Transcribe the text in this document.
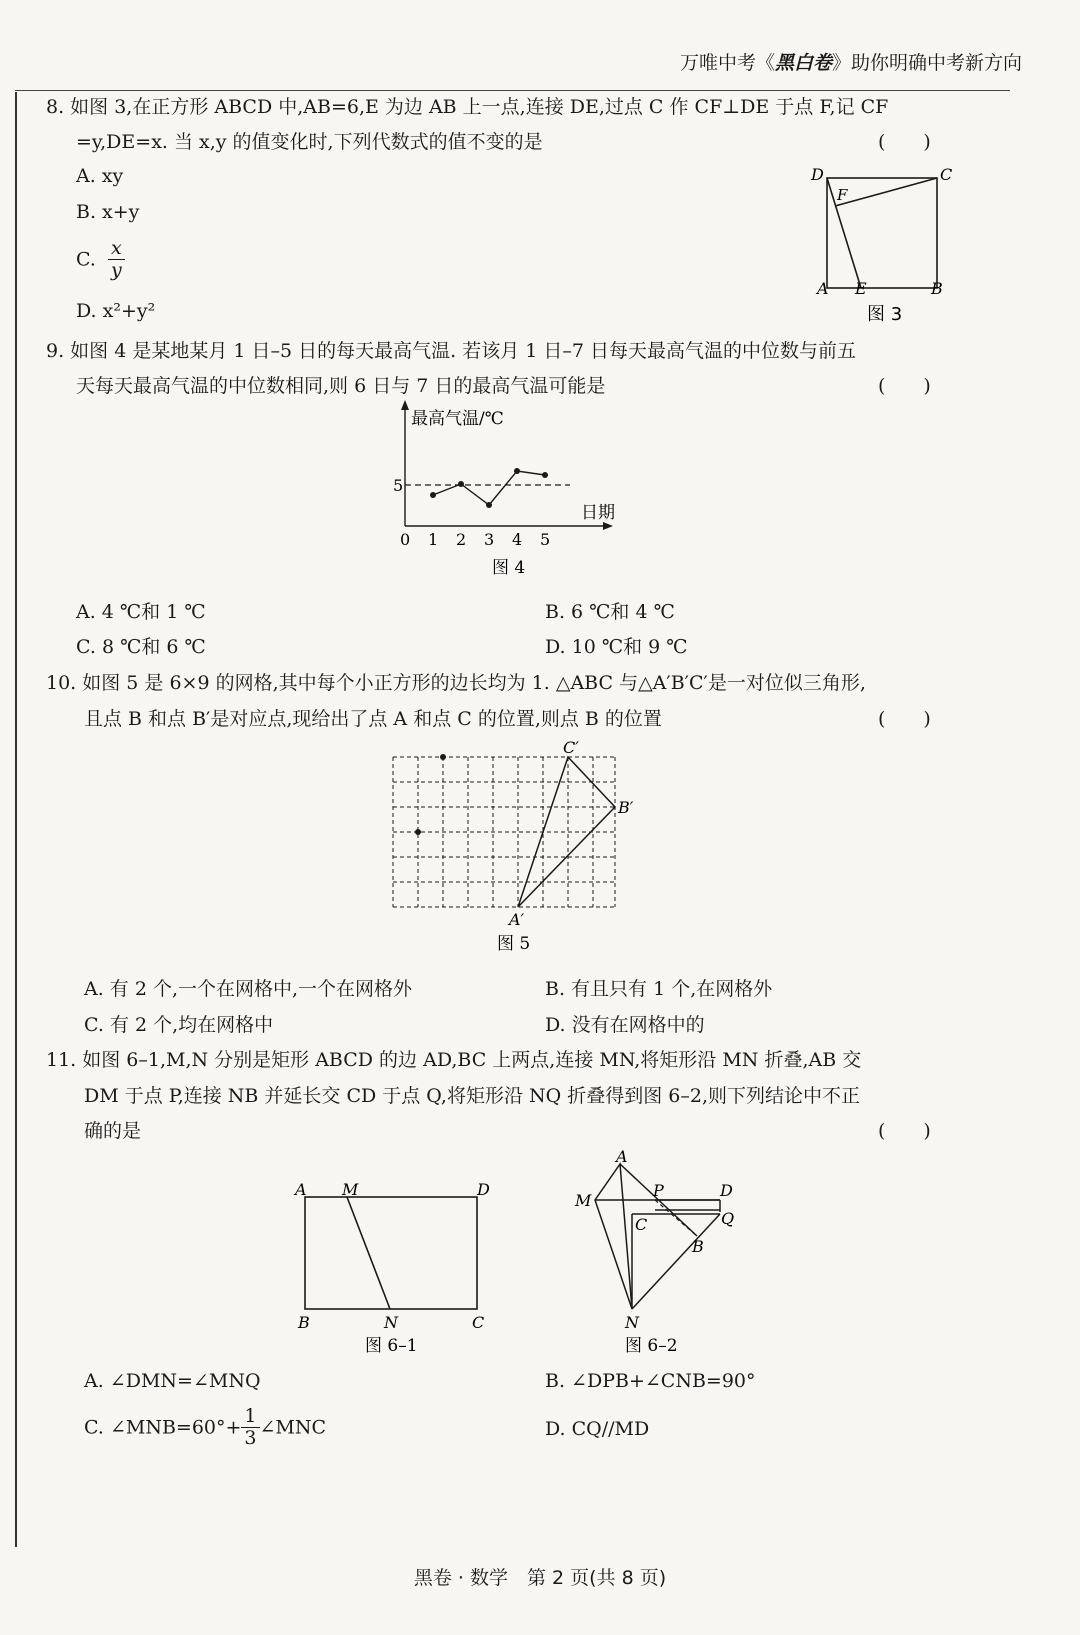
万唯中考《黑白卷》助你明确中考新方向
8. 如图 3,在正方形 ABCD 中,AB=6,E 为边 AB 上一点,连接 DE,过点 C 作 CF⊥DE 于点 F,记 CF
=y,DE=x. 当 x,y 的值变化时,下列代数式的值不变的是	(　　)
A. xy
B. x+y
C. $\frac{x}{y}$
D. x²+y²
D	C
F
A E	B
图 3
9. 如图 4 是某地某月 1 日–5 日的每天最高气温. 若该月 1 日–7 日每天最高气温的中位数与前五
天每天最高气温的中位数相同,则 6 日与 7 日的最高气温可能是	(　　)
最高气温/℃
日期
5
0 1 2 3 4 5
图 4
A. 4 ℃和 1 ℃	B. 6 ℃和 4 ℃
C. 8 ℃和 6 ℃	D. 10 ℃和 9 ℃
10. 如图 5 是 6×9 的网格,其中每个小正方形的边长均为 1. △ABC 与△A′B′C′是一对位似三角形,
且点 B 和点 B′是对应点,现给出了点 A 和点 C 的位置,则点 B 的位置	(　　)
C′
B′
A′
图 5
A. 有 2 个,一个在网格中,一个在网格外	B. 有且只有 1 个,在网格外
C. 有 2 个,均在网格中	D. 没有在网格中的
11. 如图 6–1,M,N 分别是矩形 ABCD 的边 AD,BC 上两点,连接 MN,将矩形沿 MN 折叠,AB 交
DM 于点 P,连接 NB 并延长交 CD 于点 Q,将矩形沿 NQ 折叠得到图 6–2,则下列结论中不正
确的是	(　　)
A M	D
B	N	C
图 6–1
A
M
P	D
C	Q
B
N
图 6–2
A. ∠DMN=∠MNQ	B. ∠DPB+∠CNB=90°
C. ∠MNB=60°+ $\frac{1}{3}$ ∠MNC	D. CQ//MD
黑卷 · 数学　第 2 页(共 8 页)
